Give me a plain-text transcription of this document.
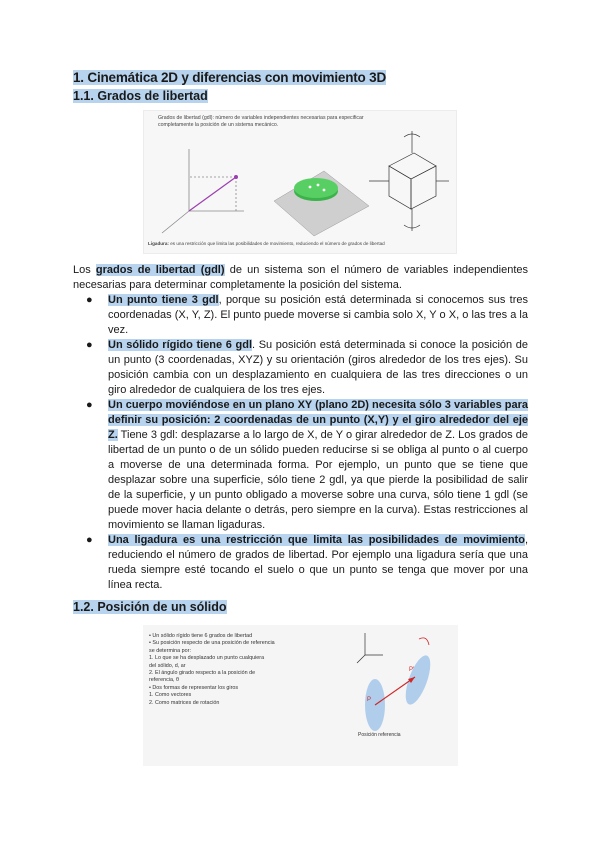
1. Cinemática 2D y diferencias con movimiento 3D
1.1. Grados de libertad
Grados de libertad (gdl): número de variables independientes necesarias para especificar completamente la posición de un sistema mecánico.
Ligadura: es una restricción que limita las posibilidades de movimiento, reduciendo el número de grados de libertad

Los grados de libertad (gdl) de un sistema son el número de variables independientes necesarias para determinar completamente la posición del sistema.

● Un punto tiene 3 gdl, porque su posición está determinada si conocemos sus tres coordenadas (X, Y, Z). El punto puede moverse si cambia solo X, Y o X, o las tres a la vez.
● Un sólido rígido tiene 6 gdl. Su posición está determinada si conoce la posición de un punto (3 coordenadas, XYZ) y su orientación (giros alrededor de los tres ejes). Su posición cambia con un desplazamiento en cualquiera de las tres direcciones o un giro alrededor de cualquiera de los tres ejes.
● Un cuerpo moviéndose en un plano XY (plano 2D) necesita sólo 3 variables para definir su posición: 2 coordenadas de un punto (X,Y) y el giro alrededor del eje Z. Tiene 3 gdl: desplazarse a lo largo de X, de Y o girar alrededor de Z. Los grados de libertad de un punto o de un sólido pueden reducirse si se obliga al punto o al cuerpo a moverse de una determinada forma. Por ejemplo, un punto que se tiene que desplazar sobre una superficie, sólo tiene 2 gdl, ya que pierde la posibilidad de salir de la superficie, y un punto obligado a moverse sobre una curva, sólo tiene 1 gdl (se puede mover hacia delante o detrás, pero siempre en la curva). Estas restricciones al movimiento se llaman ligaduras.
● Una ligadura es una restricción que limita las posibilidades de movimiento, reduciendo el número de grados de libertad. Por ejemplo una ligadura sería que una rueda siempre esté tocando el suelo o que un punto se tenga que mover por una línea recta.
1.2. Posición de un sólido
• Un sólido rígido tiene 6 grados de libertad
• Su posición respecto de una posición de referencia
se determina por:
1. Lo que se ha desplazado un punto cualquiera
del sólido, d, ar
2. El ángulo girado respecto a la posición de
referencia, θ
• Dos formas de representar los giros
1. Como vectores
2. Como matrices de rotación	P
P'
Posición referencia
